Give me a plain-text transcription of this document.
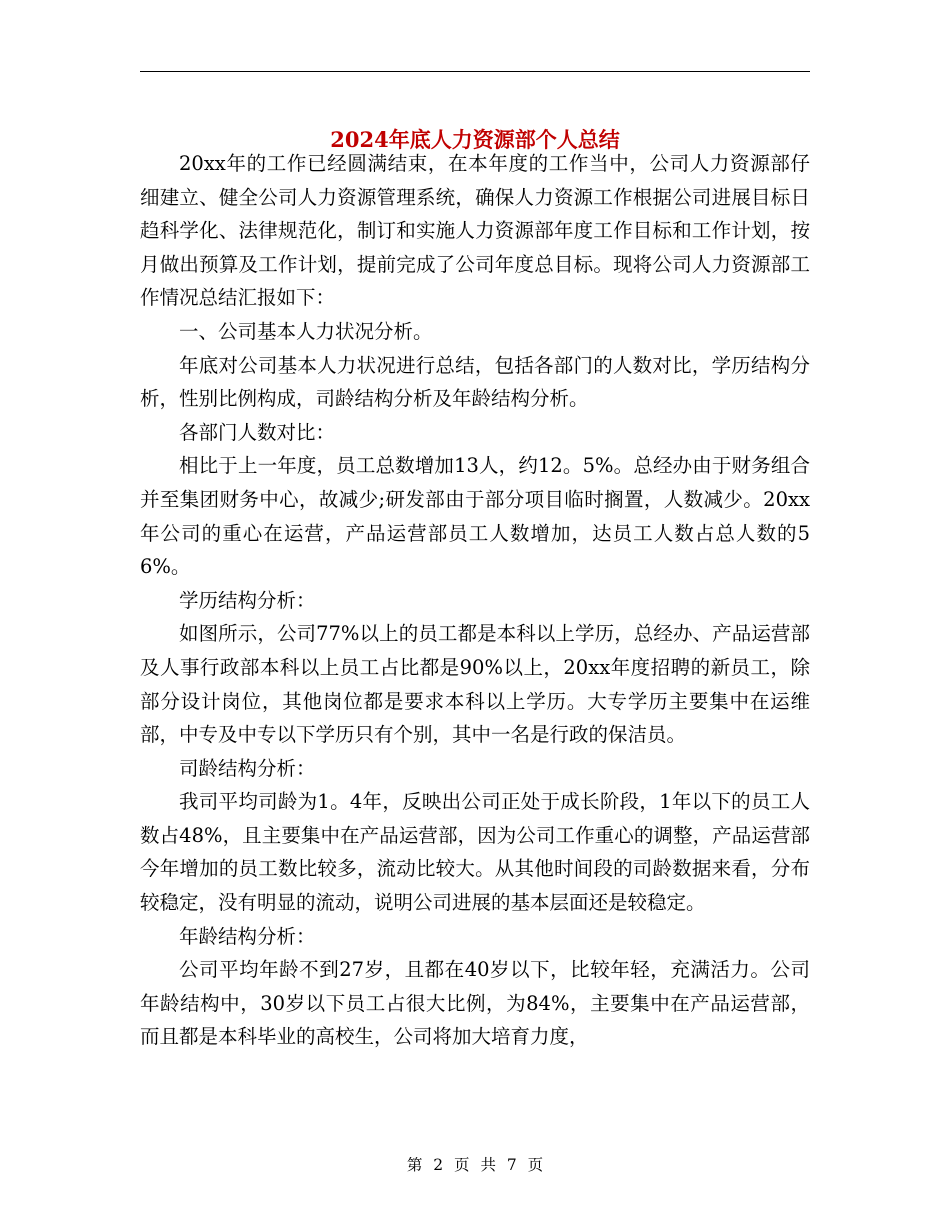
2024年底人力资源部个人总结

20xx年的工作已经圆满结束，在本年度的工作当中，公司人力资源部仔细建立、健全公司人力资源管理系统，确保人力资源工作根据公司进展目标日趋科学化、法律规范化，制订和实施人力资源部年度工作目标和工作计划，按月做出预算及工作计划，提前完成了公司年度总目标。现将公司人力资源部工作情况总结汇报如下：

一、公司基本人力状况分析。

年底对公司基本人力状况进行总结，包括各部门的人数对比，学历结构分析，性别比例构成，司龄结构分析及年龄结构分析。

各部门人数对比：

相比于上一年度，员工总数增加13人，约12。5%。总经办由于财务组合并至集团财务中心，故减少;研发部由于部分项目临时搁置，人数减少。20xx年公司的重心在运营，产品运营部员工人数增加，达员工人数占总人数的56%。

学历结构分析：

如图所示，公司77%以上的员工都是本科以上学历，总经办、产品运营部及人事行政部本科以上员工占比都是90%以上，20xx年度招聘的新员工，除部分设计岗位，其他岗位都是要求本科以上学历。大专学历主要集中在运维部，中专及中专以下学历只有个别，其中一名是行政的保洁员。

司龄结构分析：

我司平均司龄为1。4年，反映出公司正处于成长阶段，1年以下的员工人数占48%，且主要集中在产品运营部，因为公司工作重心的调整，产品运营部今年增加的员工数比较多，流动比较大。从其他时间段的司龄数据来看，分布较稳定，没有明显的流动，说明公司进展的基本层面还是较稳定。

年龄结构分析：

公司平均年龄不到27岁，且都在40岁以下，比较年轻，充满活力。公司年龄结构中，30岁以下员工占很大比例，为84%，主要集中在产品运营部，而且都是本科毕业的高校生，公司将加大培育力度，

第 2 页 共 7 页
